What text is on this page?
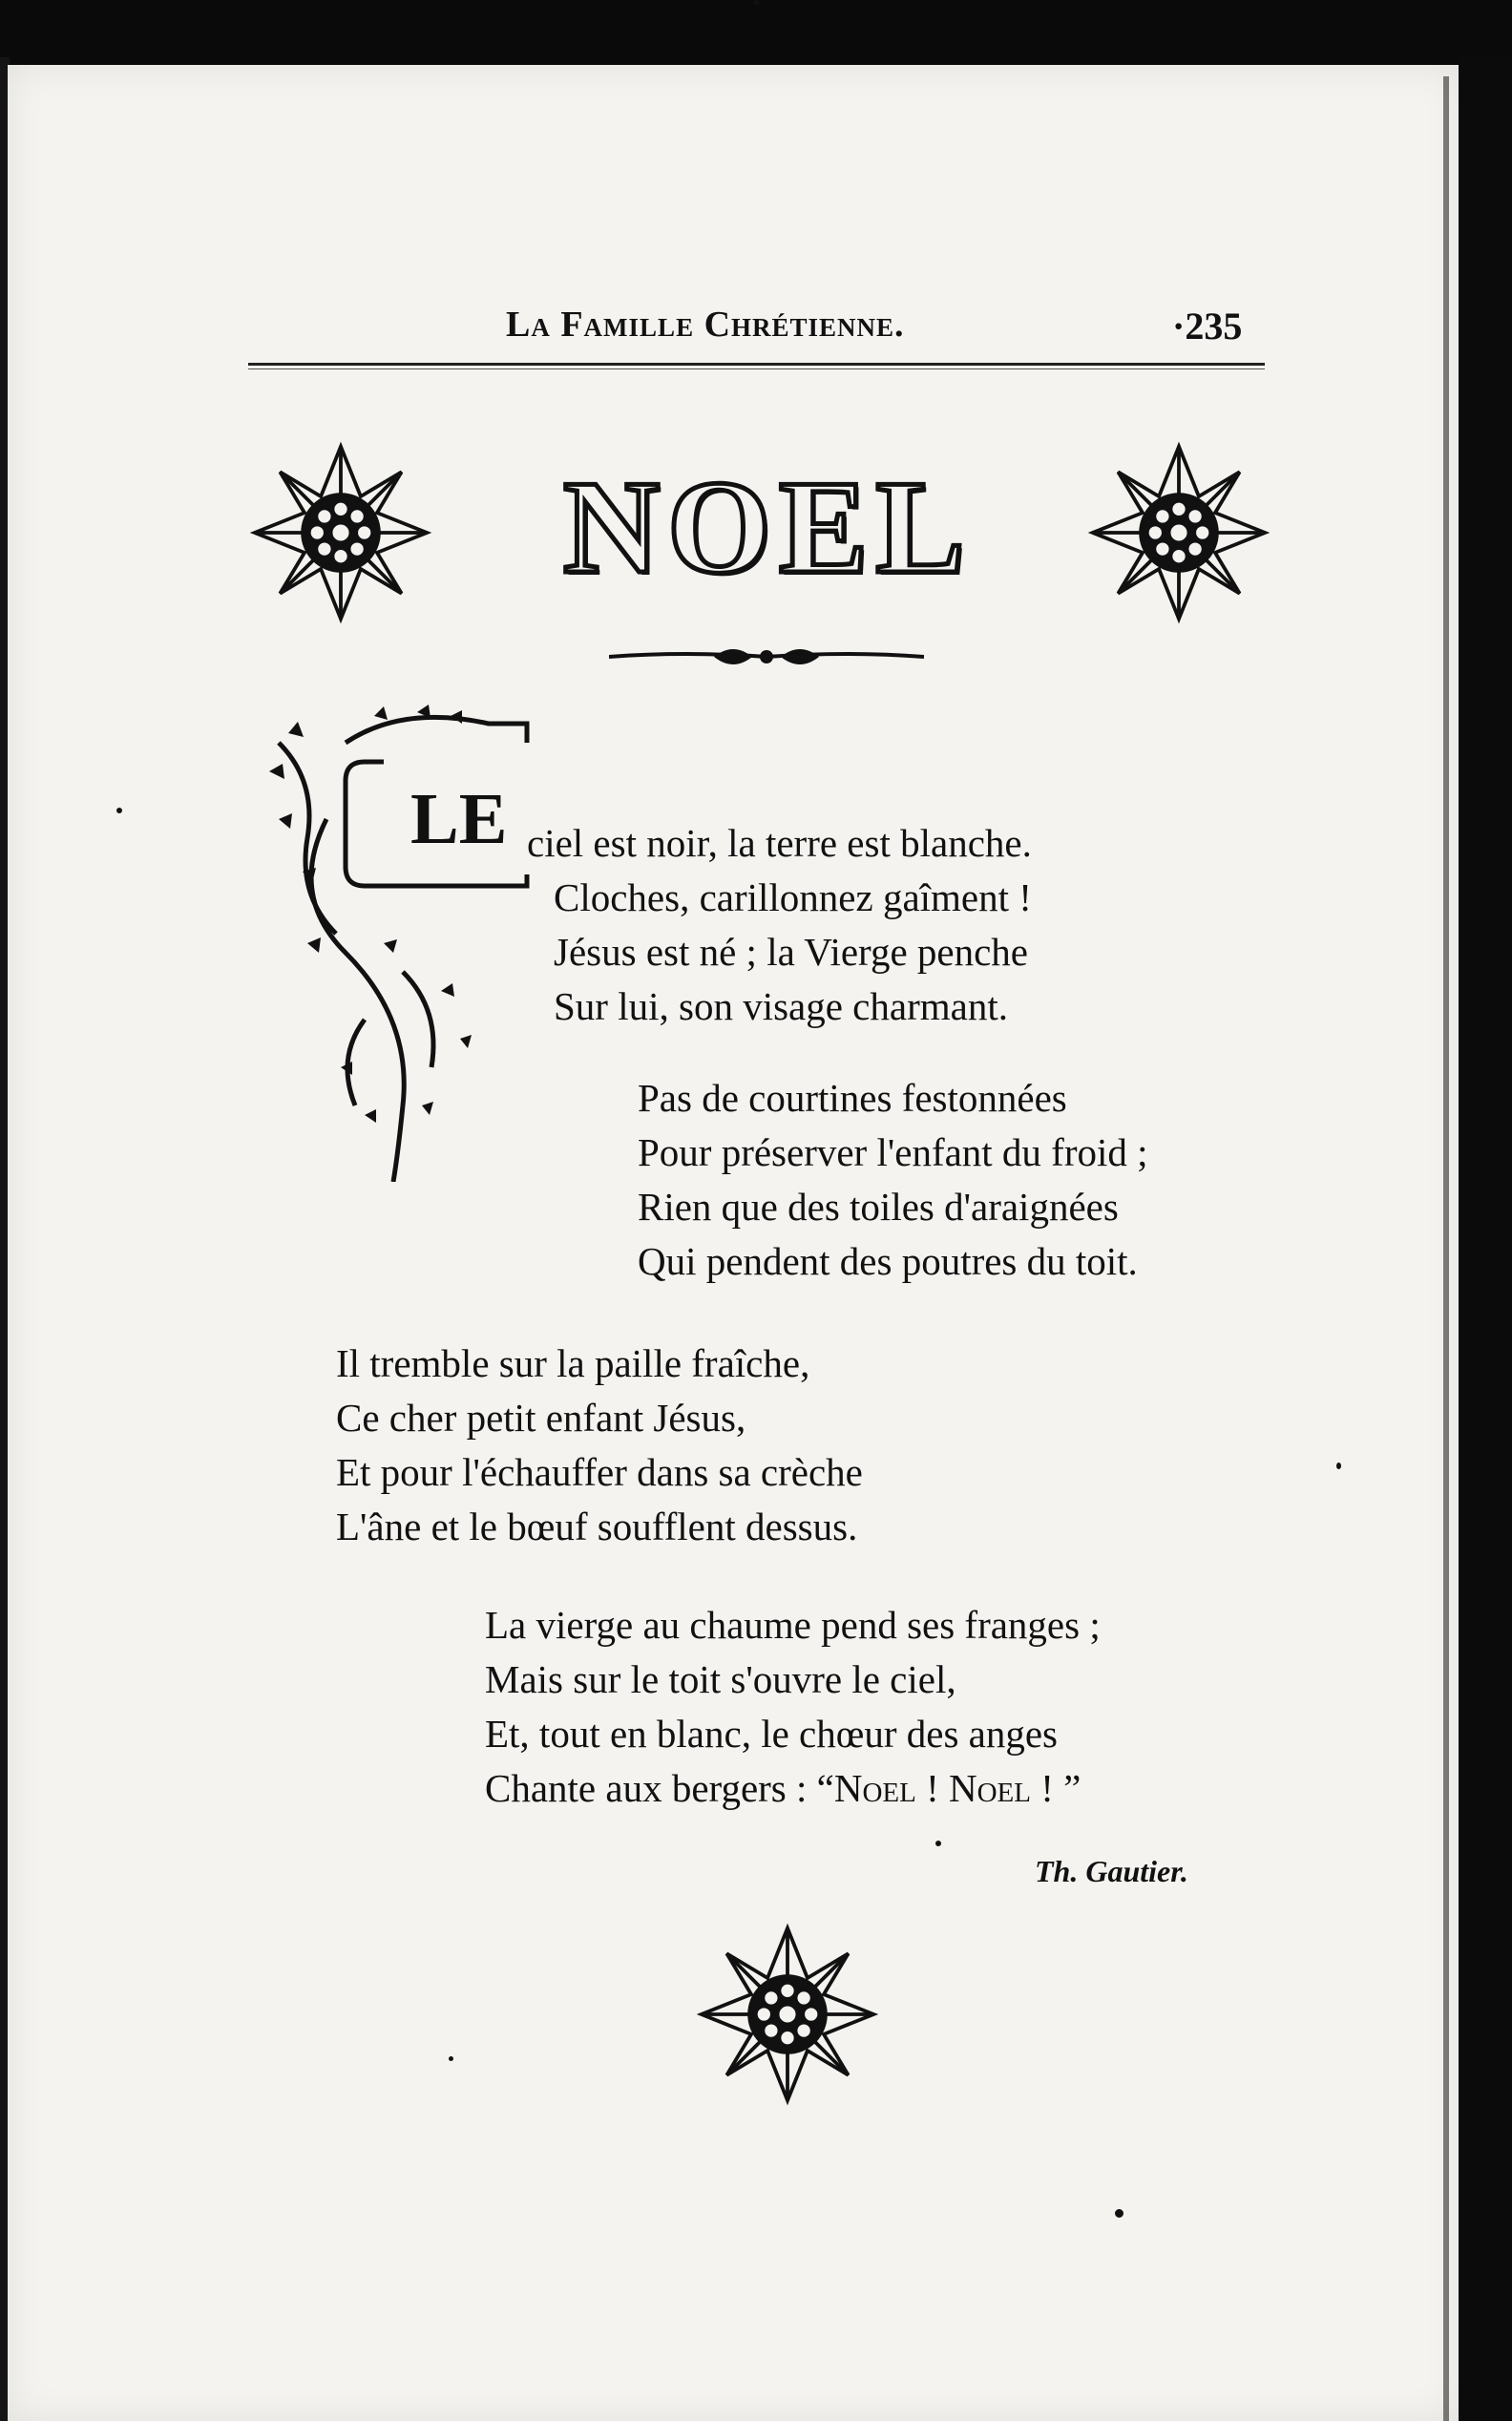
La Famille Chrétienne.	·235
NOEL
LE ciel est noir, la terre est blanche.
Cloches, carillonnez gaîment !
Jésus est né ; la Vierge penche
Sur lui, son visage charmant.
Pas de courtines festonnées
Pour préserver l'enfant du froid ;
Rien que des toiles d'araignées
Qui pendent des poutres du toit.
Il tremble sur la paille fraîche,
Ce cher petit enfant Jésus,
Et pour l'échauffer dans sa crèche
L'âne et le bœuf soufflent dessus.
La vierge au chaume pend ses franges ;
Mais sur le toit s'ouvre le ciel,
Et, tout en blanc, le chœur des anges
Chante aux bergers : “Noel ! Noel ! ”
Th. Gautier.
